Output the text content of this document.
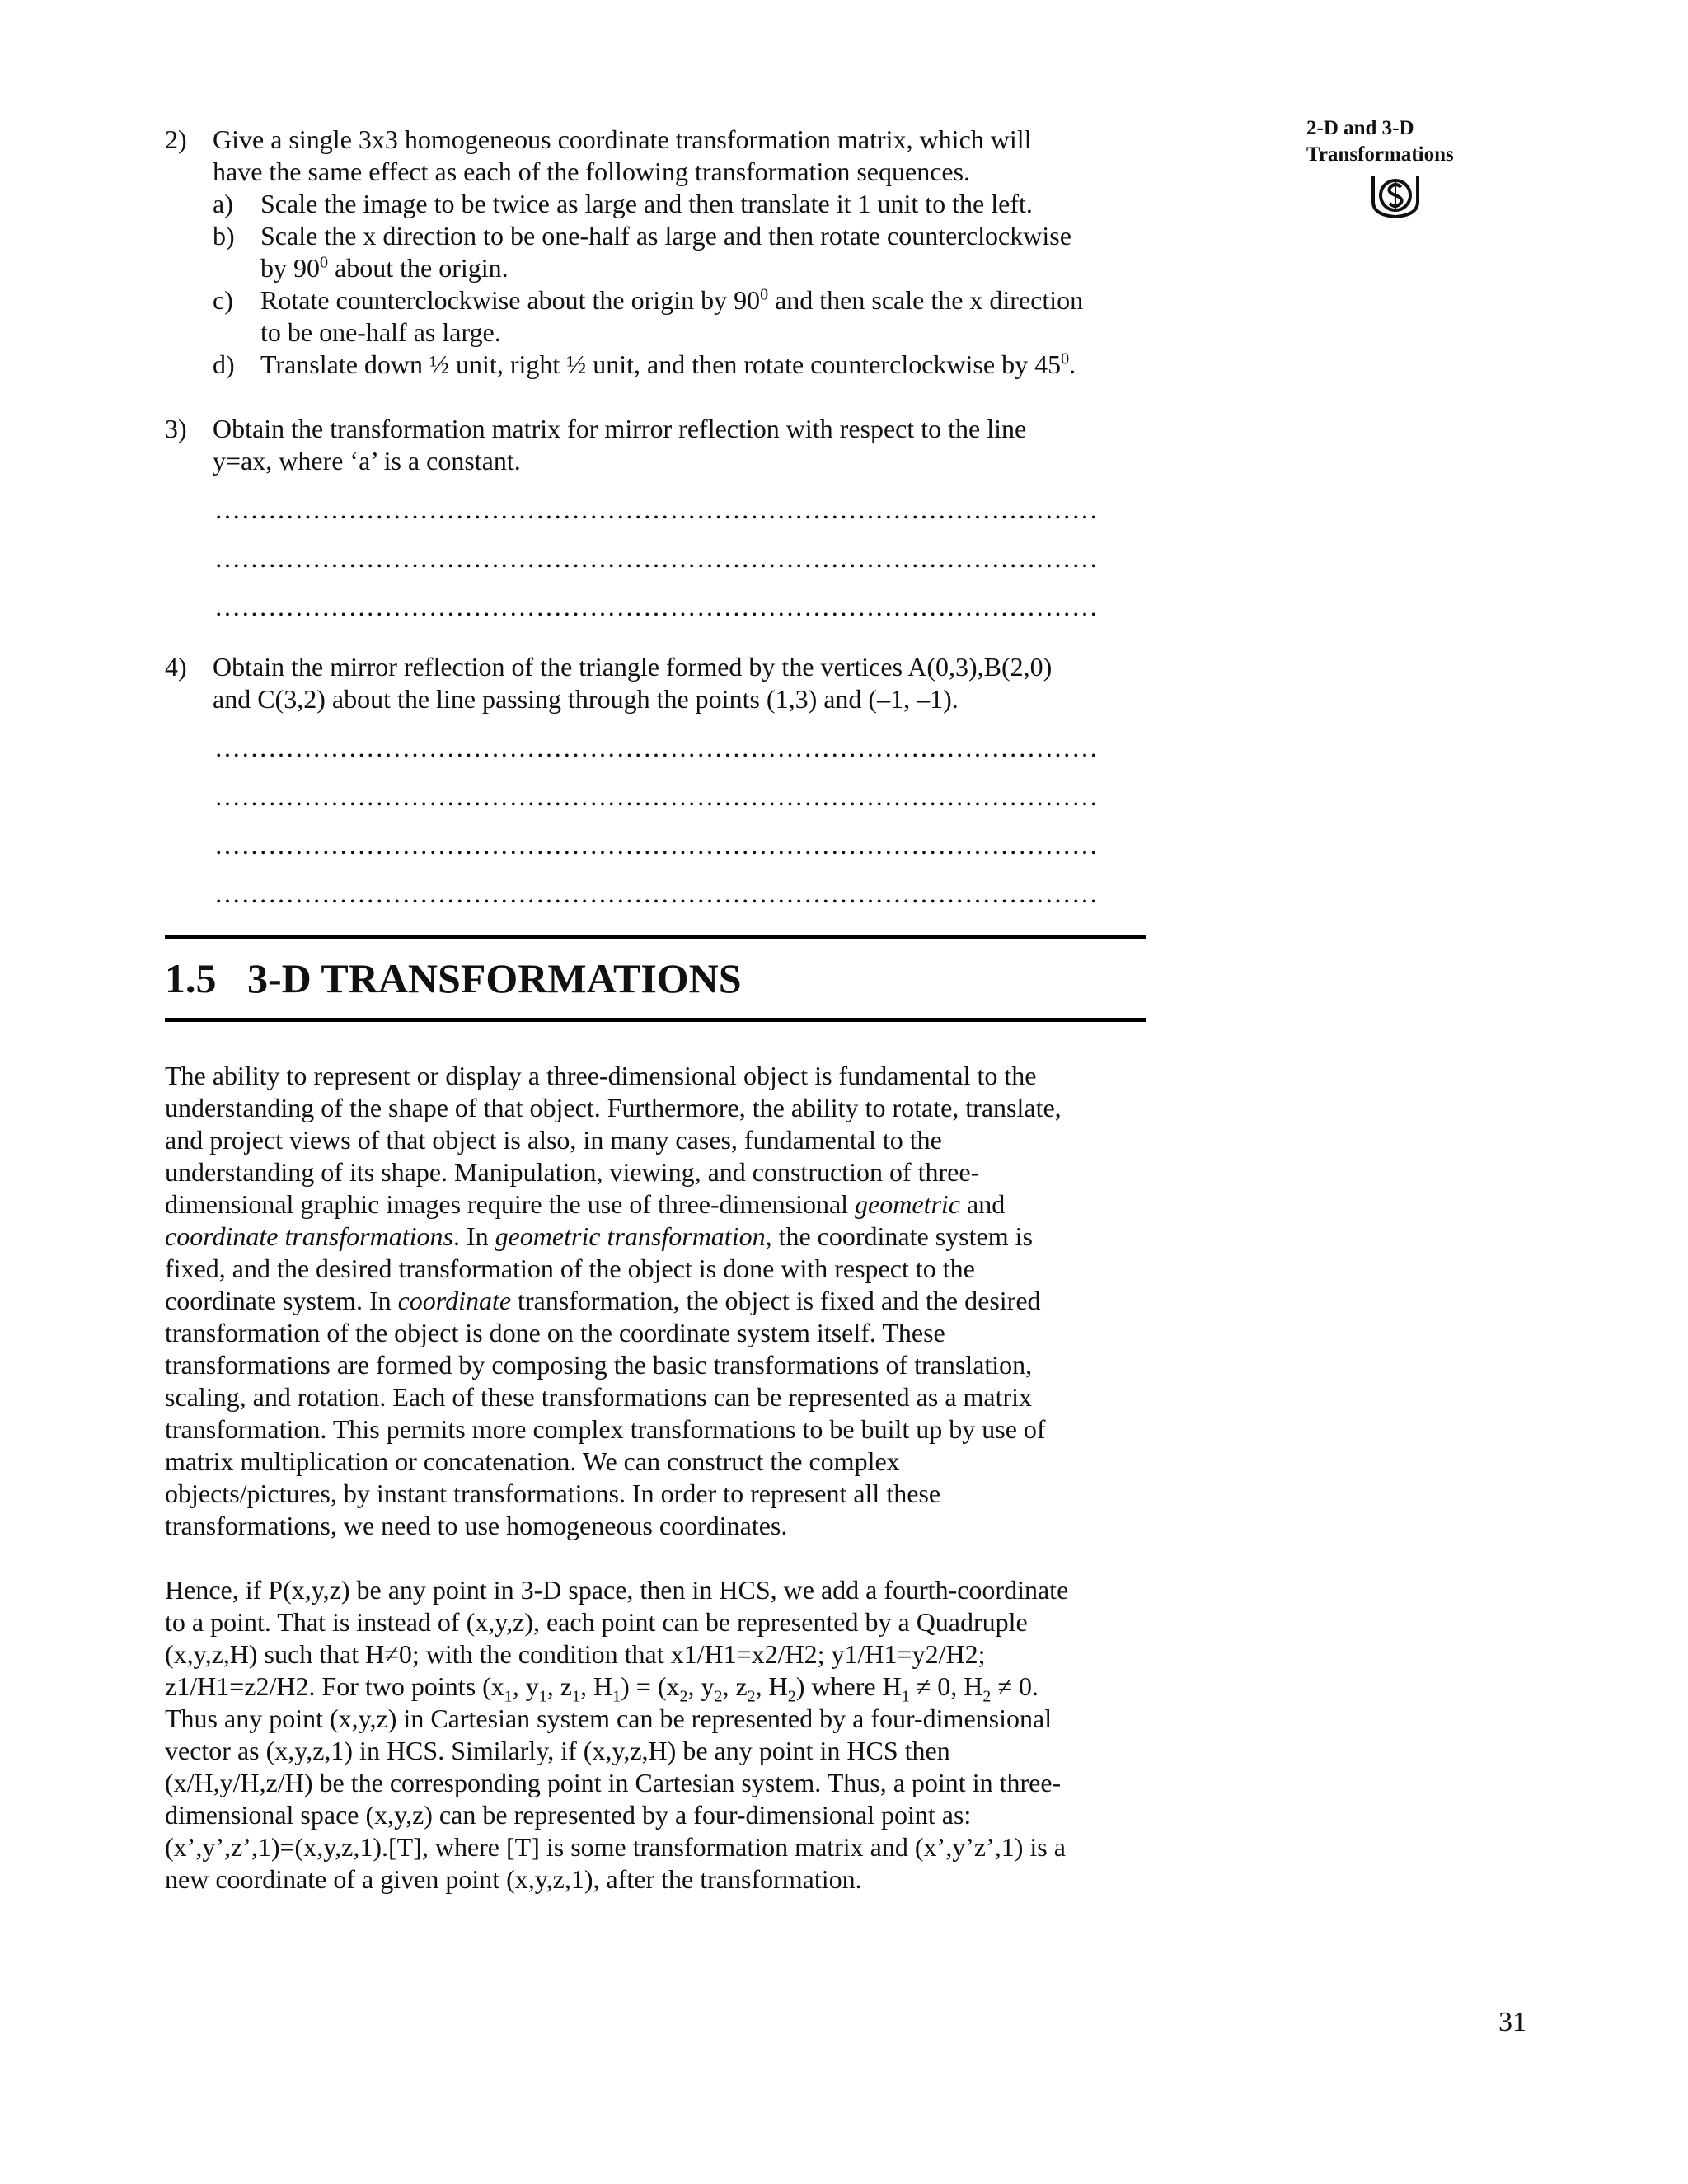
2-D and 3-D
Transformations
2) Give a single 3x3 homogeneous coordinate transformation matrix, which will
have the same effect as each of the following transformation sequences.
a) Scale the image to be twice as large and then translate it 1 unit to the left.
b) Scale the x direction to be one-half as large and then rotate counterclockwise
by $90^0$ about the origin.
c) Rotate counterclockwise about the origin by $90^0$ and then scale the x direction
to be one-half as large.
d) Translate down ½ unit, right ½ unit, and then rotate counterclockwise by $45^0$.
3) Obtain the transformation matrix for mirror reflection with respect to the line
y=ax, where ‘a’ is a constant.
………………………………………………………………………………………
………………………………………………………………………………………
………………………………………………………………………………………
4) Obtain the mirror reflection of the triangle formed by the vertices A(0,3),B(2,0)
and C(3,2) about the line passing through the points (1,3) and (–1, –1).
………………………………………………………………………………………
………………………………………………………………………………………
………………………………………………………………………………………
………………………………………………………………………………………
1.5 3-D TRANSFORMATIONS
The ability to represent or display a three-dimensional object is fundamental to the
understanding of the shape of that object. Furthermore, the ability to rotate, translate,
and project views of that object is also, in many cases, fundamental to the
understanding of its shape. Manipulation, viewing, and construction of three-
dimensional graphic images require the use of three-dimensional geometric and
coordinate transformations. In geometric transformation, the coordinate system is
fixed, and the desired transformation of the object is done with respect to the
coordinate system. In coordinate transformation, the object is fixed and the desired
transformation of the object is done on the coordinate system itself. These
transformations are formed by composing the basic transformations of translation,
scaling, and rotation. Each of these transformations can be represented as a matrix
transformation. This permits more complex transformations to be built up by use of
matrix multiplication or concatenation. We can construct the complex
objects/pictures, by instant transformations. In order to represent all these
transformations, we need to use homogeneous coordinates.
Hence, if P(x,y,z) be any point in 3-D space, then in HCS, we add a fourth-coordinate
to a point. That is instead of (x,y,z), each point can be represented by a Quadruple
(x,y,z,H) such that H≠0; with the condition that x1/H1=x2/H2; y1/H1=y2/H2;
z1/H1=z2/H2. For two points ($x_1$, $y_1$, $z_1$, $H_1) = (x_2$, $y_2$, $z_2$, $H_2$) where $H_1 \ne 0$, $H_2 \ne 0$.
Thus any point (x,y,z) in Cartesian system can be represented by a four-dimensional
vector as (x,y,z,1) in HCS. Similarly, if (x,y,z,H) be any point in HCS then
(x/H,y/H,z/H) be the corresponding point in Cartesian system. Thus, a point in three-
dimensional space (x,y,z) can be represented by a four-dimensional point as:
(x’,y’,z’,1)=(x,y,z,1).[T], where [T] is some transformation matrix and (x’,y’z’,1) is a
new coordinate of a given point (x,y,z,1), after the transformation.
31
